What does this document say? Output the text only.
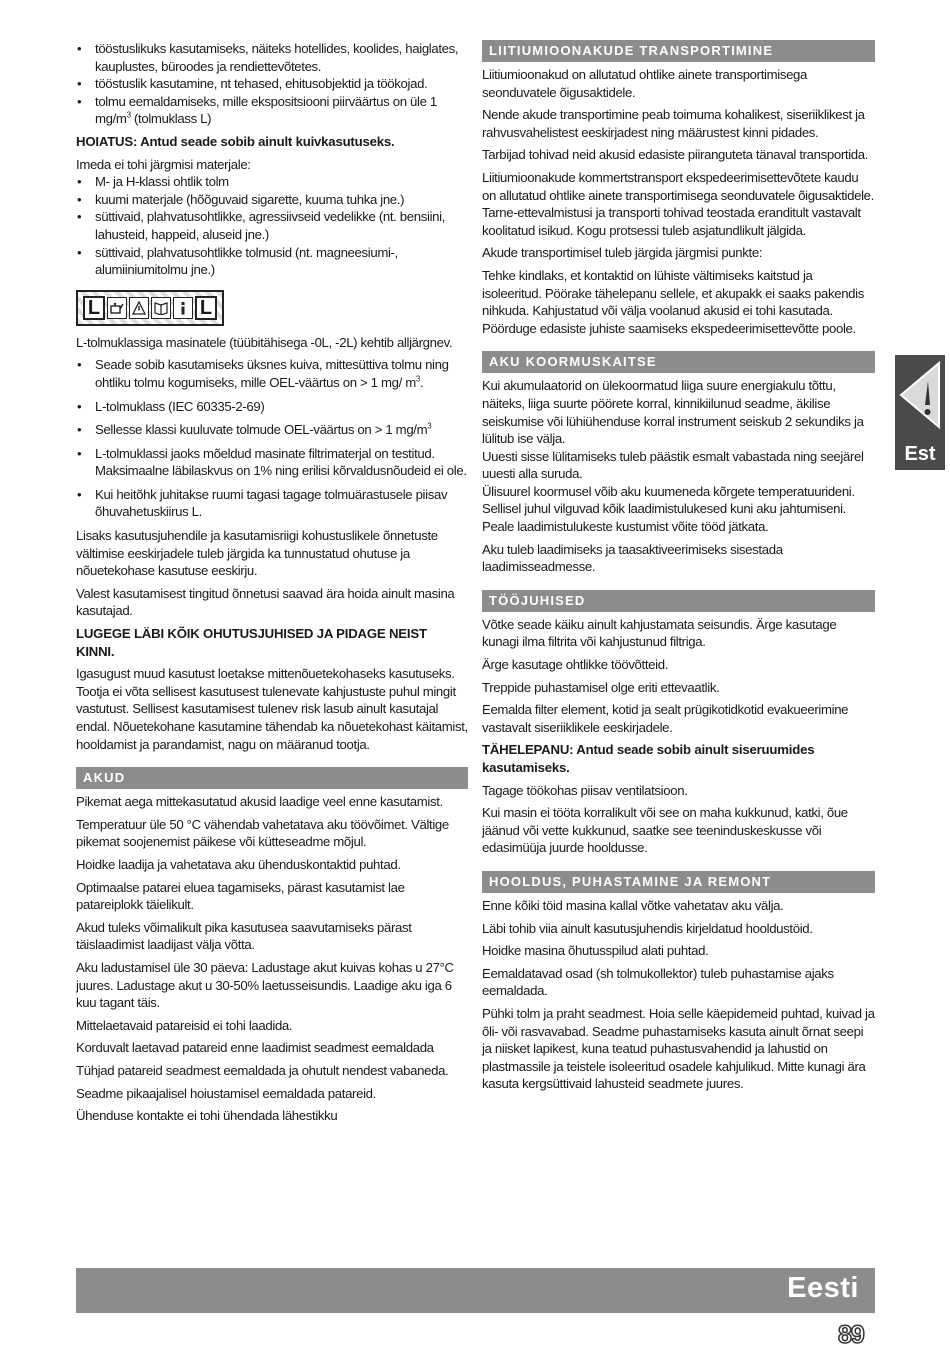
• tööstuslikuks kasutamiseks, näiteks hotellides, koolides, haiglates, kauplustes, büroodes ja rendiettevõtetes.
• tööstuslik kasutamine, nt tehased, ehitusobjektid ja töökojad.
• tolmu eemaldamiseks, mille ekspositsiooni piirväärtus on üle 1 $mg/m^3$ (tolmuklass L)

HOIATUS: Antud seade sobib ainult kuivkasutuseks.

Imeda ei tohi järgmisi materjale:

• M- ja H-klassi ohtlik tolm
• kuumi materjale (hõõguvaid sigarette, kuuma tuhka jne.)
• süttivaid, plahvatusohtlikke, agressiivseid vedelikke (nt. bensiini, lahusteid, happeid, aluseid jne.)
• süttivaid, plahvatusohtlikke tolmusid (nt. magneesiumi-, alumiiniumitolmu jne.)
L	L

L-tolmuklassiga masinatele (tüübitähisega -0L, -2L) kehtib alljärgnev.

• Seade sobib kasutamiseks üksnes kuiva, mittesüttiva tolmu ning ohtliku tolmu kogumiseks, mille OEL-väärtus on > 1 mg/ $m^3$.
• L-tolmuklass (IEC 60335-2-69)
• Sellesse klassi kuuluvate tolmude OEL-väärtus on > 1 $mg/m^3$
• L-tolmuklassi jaoks mõeldud masinate filtrimaterjal on testitud. Maksimaalne läbilaskvus on 1% ning erilisi kõrvaldusnõudeid ei ole.
• Kui heitõhk juhitakse ruumi tagasi tagage tolmuärastusele piisav õhuvahetuskiirus L.

Lisaks kasutusjuhendile ja kasutamisriigi kohustuslikele õnnetuste vältimise eeskirjadele tuleb järgida ka tunnustatud ohutuse ja nõuetekohase kasutuse eeskirju.

Valest kasutamisest tingitud õnnetusi saavad ära hoida ainult masina kasutajad.

LUGEGE LÄBI KÕIK OHUTUSJUHISED JA PIDAGE NEIST KINNI.

Igasugust muud kasutust loetakse mittenõuetekohaseks kasutuseks. Tootja ei võta sellisest kasutusest tulenevate kahjustuste puhul mingit vastutust. Sellisest kasutamisest tulenev risk lasub ainult kasutajal endal. Nõuetekohane kasutamine tähendab ka nõuetekohast käitamist, hooldamist ja parandamist, nagu on määranud tootja.

AKUD

Pikemat aega mittekasutatud akusid laadige veel enne kasutamist.

Temperatuur üle 50 °C vähendab vahetatava aku töövõimet. Vältige pikemat soojenemist päikese või kütteseadme mõjul.

Hoidke laadija ja vahetatava aku ühenduskontaktid puhtad.

Optimaalse patarei eluea tagamiseks, pärast kasutamist lae patareiplokk täielikult.

Akud tuleks võimalikult pika kasutusea saavutamiseks pärast täislaadimist laadijast välja võtta.

Aku ladustamisel üle 30 päeva: Ladustage akut kuivas kohas u 27°C juures. Ladustage akut u 30-50% laetusseisundis. Laadige aku iga 6 kuu tagant täis.

Mittelaetavaid patareisid ei tohi laadida.

Korduvalt laetavad patareid enne laadimist seadmest eemaldada

Tühjad patareid seadmest eemaldada ja ohutult nendest vabaneda.

Seadme pikaajalisel hoiustamisel eemaldada patareid.

Ühenduse kontakte ei tohi ühendada lähestikku

LIITIUMIOONAKUDE TRANSPORTIMINE

Liitiumioonakud on allutatud ohtlike ainete transportimisega seonduvatele õigusaktidele.

Nende akude transportimine peab toimuma kohalikest, siseriiklikest ja rahvusvahelistest eeskirjadest ning määrustest kinni pidades.

Tarbijad tohivad neid akusid edasiste piiranguteta tänaval transportida.

Liitiumioonakude kommertstransport ekspedeerimisettevõtete kaudu on allutatud ohtlike ainete transportimisega seonduvatele õigusaktidele. Tarne-ettevalmistusi ja transporti tohivad teostada eranditult vastavalt koolitatud isikud. Kogu protsessi tuleb asjatundlikult jälgida.

Akude transportimisel tuleb järgida järgmisi punkte:

Tehke kindlaks, et kontaktid on lühiste vältimiseks kaitstud ja isoleeritud. Pöörake tähelepanu sellele, et akupakk ei saaks pakendis nihkuda. Kahjustatud või välja voolanud akusid ei tohi kasutada. Pöörduge edasiste juhiste saamiseks ekspedeerimisettevõtte poole.

AKU KOORMUSKAITSE

Kui akumulaatorid on ülekoormatud liiga suure energiakulu tõttu, näiteks, liiga suurte pöörete korral, kinnikiilunud seadme, äkilise seiskumise või lühiühenduse korral instrument seiskub 2 sekundiks ja lülitub ise välja.

Uuesti sisse lülitamiseks tuleb päästik esmalt vabastada ning seejärel uuesti alla suruda.

Ülisuurel koormusel võib aku kuumeneda kõrgete temperatuuridenі. Sellisel juhul vilguvad kõik laadimistulukesed kuni aku jahtumiseni. Peale laadimistulukeste kustumist võite tööd jätkata.

Aku tuleb laadimiseks ja taasaktiveerimiseks sisestada laadimisseadmesse.

TÖÖJUHISED

Võtke seade käiku ainult kahjustamata seisundis. Ärge kasutage kunagi ilma filtrita või kahjustunud filtriga.

Ärge kasutage ohtlikke töövõtteid.

Treppide puhastamisel olge eriti ettevaatlik.

Eemalda filter element, kotid ja sealt prügikotidkotid evakueerimine vastavalt siseriiklikele eeskirjadele.

TÄHELEPANU: Antud seade sobib ainult siseruumides kasutamiseks.

Tagage töökohas piisav ventilatsioon.

Kui masin ei tööta korralikult või see on maha kukkunud, katki, õue jäänud või vette kukkunud, saatke see teeninduskeskusse või edasimüüja juurde hooldusse.

HOOLDUS, PUHASTAMINE JA REMONT

Enne kõiki töid masina kallal võtke vahetatav aku välja.

Läbi tohib viia ainult kasutusjuhendis kirjeldatud hooldustöid.

Hoidke masina õhutusspilud alati puhtad.

Eemaldatavad osad (sh tolmukollektor) tuleb puhastamise ajaks eemaldada.

Pühki tolm ja praht seadmest. Hoia selle käepidemeid puhtad, kuivad ja õli- või rasvavabad. Seadme puhastamiseks kasuta ainult õrnat seepi ja niisket lapikest, kuna teatud puhastusvahendid ja lahustid on plastmassile ja teistele isoleeritud osadele kahjulikud. Mitte kunagi ära kasuta kergsüttivaid lahusteid seadmete juures.

Est
Eesti
89
